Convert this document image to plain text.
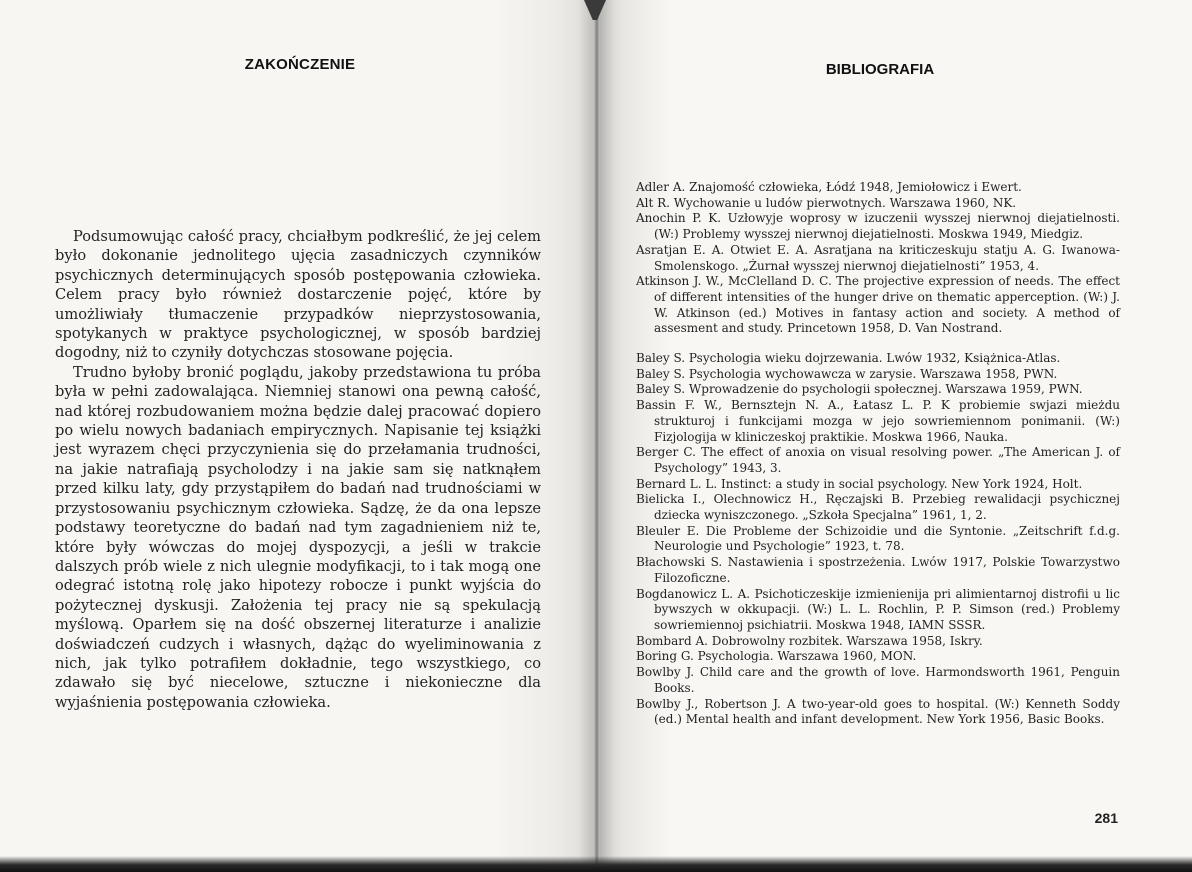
ZAKOŃCZENIE

Podsumowując całość pracy, chciałbym podkreślić, że jej celem było dokonanie jednolitego ujęcia zasadniczych czynników psychicznych determinujących sposób postępowania człowieka. Celem pracy było również dostarczenie pojęć, które by umożliwiały tłumaczenie przypadków nieprzystosowania, spotykanych w praktyce psychologicznej, w sposób bardziej dogodny, niż to czyniły dotychczas stosowane pojęcia.

Trudno byłoby bronić poglądu, jakoby przedstawiona tu próba była w pełni zadowalająca. Niemniej stanowi ona pewną całość, nad której rozbudowaniem można będzie dalej pracować dopiero po wielu nowych badaniach empirycznych. Napisanie tej książki jest wyrazem chęci przyczynienia się do przełamania trudności, na jakie natrafiają psycholodzy i na jakie sam się natknąłem przed kilku laty, gdy przystąpiłem do badań nad trudnościami w przystosowaniu psychicznym człowieka. Sądzę, że da ona lepsze podstawy teoretyczne do badań nad tym zagadnieniem niż te, które były wówczas do mojej dyspozycji, a jeśli w trakcie dalszych prób wiele z nich ulegnie modyfikacji, to i tak mogą one odegrać istotną rolę jako hipotezy robocze i punkt wyjścia do pożytecznej dyskusji. Założenia tej pracy nie są spekulacją myślową. Oparłem się na dość obszernej literaturze i analizie doświadczeń cudzych i własnych, dążąc do wyeliminowania z nich, jak tylko potrafiłem dokładnie, tego wszystkiego, co zdawało się być niecelowe, sztuczne i niekonieczne dla wyjaśnienia postępowania człowieka.

BIBLIOGRAFIA

Adler A. Znajomość człowieka, Łódź 1948, Jemiołowicz i Ewert.

Alt R. Wychowanie u ludów pierwotnych. Warszawa 1960, NK.

Anochin P. K. Uzłowyje woprosy w izuczenii wysszej nierwnoj diejatielnosti. (W:) Problemy wysszej nierwnoj diejatielnosti. Moskwa 1949, Miedgiz.

Asratjan E. A. Otwiet E. A. Asratjana na kriticzeskuju statju A. G. Iwanowa-Smolenskogo. „Żurnał wysszej nierwnoj diejatielnosti” 1953, 4.

Atkinson J. W., McClelland D. C. The projective expression of needs. The effect of different intensities of the hunger drive on thematic apperception. (W:) J. W. Atkinson (ed.) Motives in fantasy action and society. A method of assesment and study. Princetown 1958, D. Van Nostrand.

Baley S. Psychologia wieku dojrzewania. Lwów 1932, Książnica-Atlas.

Baley S. Psychologia wychowawcza w zarysie. Warszawa 1958, PWN.

Baley S. Wprowadzenie do psychologii społecznej. Warszawa 1959, PWN.

Bassin F. W., Bernsztejn N. A., Łatasz L. P. K probiemie swjazi mieżdu strukturoj i funkcijami mozga w jejo sowriemiennom ponimanii. (W:) Fizjologija w kliniczeskoj praktikie. Moskwa 1966, Nauka.

Berger C. The effect of anoxia on visual resolving power. „The American J. of Psychology” 1943, 3.

Bernard L. L. Instinct: a study in social psychology. New York 1924, Holt.

Bielicka I., Olechnowicz H., Ręczajski B. Przebieg rewalidacji psychicznej dziecka wyniszczonego. „Szkoła Specjalna” 1961, 1, 2.

Bleuler E. Die Probleme der Schizoidie und die Syntonie. „Zeitschrift f.d.g. Neurologie und Psychologie” 1923, t. 78.

Błachowski S. Nastawienia i spostrzeżenia. Lwów 1917, Polskie Towarzystwo Filozoficzne.

Bogdanowicz L. A. Psichoticzeskije izmienienija pri alimientarnoj distrofii u lic bywszych w okkupacji. (W:) L. L. Rochlin, P. P. Simson (red.) Problemy sowriemiennoj psichiatrii. Moskwa 1948, IAMN SSSR.

Bombard A. Dobrowolny rozbitek. Warszawa 1958, Iskry.

Boring G. Psychologia. Warszawa 1960, MON.

Bowlby J. Child care and the growth of love. Harmondsworth 1961, Penguin Books.

Bowlby J., Robertson J. A two-year-old goes to hospital. (W:) Kenneth Soddy (ed.) Mental health and infant development. New York 1956, Basic Books.

281
